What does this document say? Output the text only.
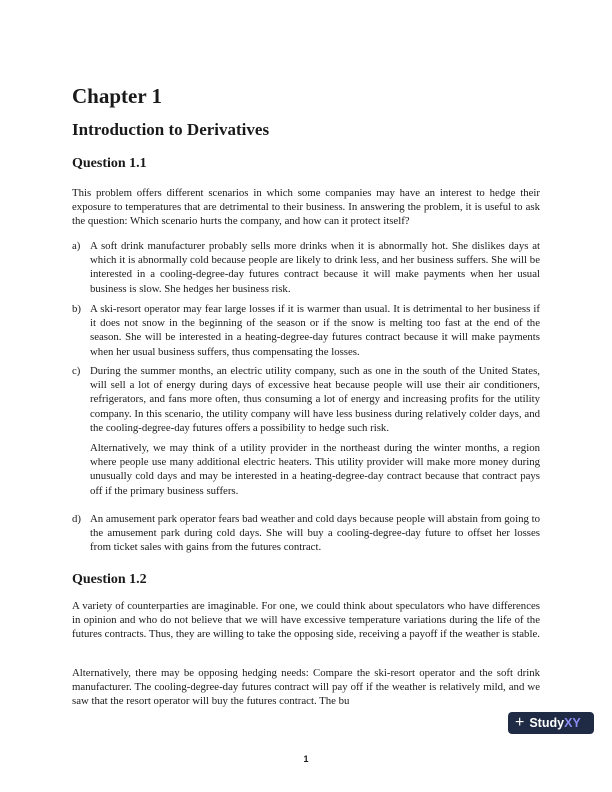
Chapter 1
Introduction to Derivatives
Question 1.1

This problem offers different scenarios in which some companies may have an interest to hedge their exposure to temperatures that are detrimental to their business. In answering the problem, it is useful to ask the question: Which scenario hurts the company, and how can it protect itself?

a) A soft drink manufacturer probably sells more drinks when it is abnormally hot. She dislikes days at which it is abnormally cold because people are likely to drink less, and her business suffers. She will be interested in a cooling-degree-day futures contract because it will make payments when her usual business is slow. She hedges her business risk.

b) A ski-resort operator may fear large losses if it is warmer than usual. It is detrimental to her business if it does not snow in the beginning of the season or if the snow is melting too fast at the end of the season. She will be interested in a heating-degree-day futures contract because it will make payments when her usual business suffers, thus compensating the losses.

c) During the summer months, an electric utility company, such as one in the south of the United States, will sell a lot of energy during days of excessive heat because people will use their air conditioners, refrigerators, and fans more often, thus consuming a lot of energy and increasing profits for the utility company. In this scenario, the utility company will have less business during relatively colder days, and the cooling-degree-day futures offers a possibility to hedge such risk.

Alternatively, we may think of a utility provider in the northeast during the winter months, a region where people use many additional electric heaters. This utility provider will make more money during unusually cold days and may be interested in a heating-degree-day contract because that contract pays off if the primary business suffers.

d) An amusement park operator fears bad weather and cold days because people will abstain from going to the amusement park during cold days. She will buy a cooling-degree-day future to offset her losses from ticket sales with gains from the futures contract.

Question 1.2

A variety of counterparties are imaginable. For one, we could think about speculators who have differences in opinion and who do not believe that we will have excessive temperature variations during the life of the futures contracts. Thus, they are willing to take the opposing side, receiving a payoff if the weather is stable.

Alternatively, there may be opposing hedging needs: Compare the ski-resort operator and the soft drink manufacturer. The cooling-degree-day futures contract will pay off if the weather is relatively mild, and we saw that the resort operator will buy the futures contract. The bu

1
+ Study XY
